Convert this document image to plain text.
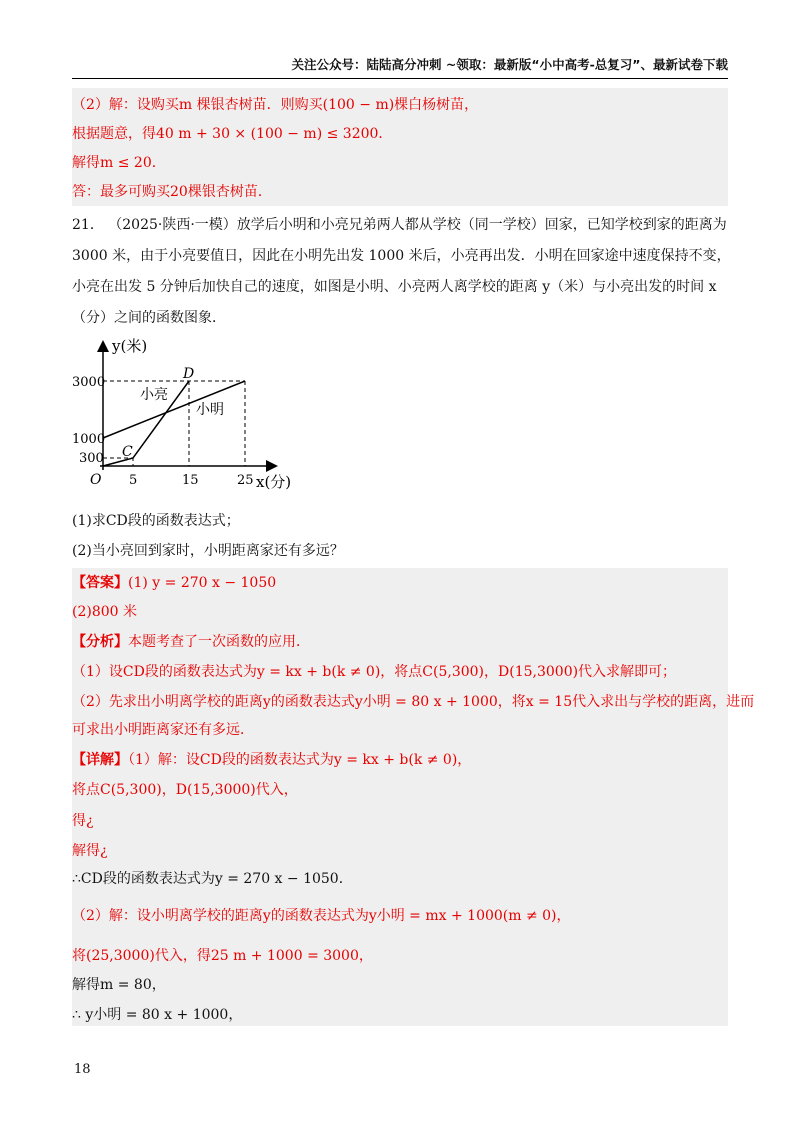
关注公众号：陆陆高分冲刺 ~领取：最新版“小中高考-总复习”、最新试卷下载
（2）解：设购买m 棵银杏树苗．则购买(100 − m)棵白杨树苗，
根据题意，得40 m + 30 × (100 − m) ≤ 3200．
解得m ≤ 20．
答：最多可购买20棵银杏树苗．
21． （2025·陕西·一模）放学后小明和小亮兄弟两人都从学校（同一学校）回家，已知学校到家的距离为
3000 米，由于小亮要值日，因此在小明先出发 1000 米后，小亮再出发．小明在回家途中速度保持不变，
小亮在出发 5 分钟后加快自己的速度，如图是小明、小亮两人离学校的距离 y（米）与小亮出发的时间 x
（分）之间的函数图象．
y(米)
x(分)
3000
1000
300
O 5	15	25
C
D
小亮
小明
(1)求CD段的函数表达式；
(2)当小亮回到家时，小明距离家还有多远？
【答案】(1) y = 270 x − 1050
(2)800 米
【分析】本题考查了一次函数的应用．
（1）设CD段的函数表达式为y = kx + b(k ≠ 0)，将点C(5,300)，D(15,3000)代入求解即可；
（2）先求出小明离学校的距离y的函数表达式y小明 = 80 x + 1000，将x = 15代入求出与学校的距离，进而
可求出小明距离家还有多远．
【详解】（1）解：设CD段的函数表达式为y = kx + b(k ≠ 0)，
将点C(5,300)，D(15,3000)代入，
得¿
解得¿
∴CD段的函数表达式为y = 270 x − 1050．
（2）解：设小明离学校的距离y的函数表达式为y小明 = mx + 1000(m ≠ 0)，
将(25,3000)代入，得25 m + 1000 = 3000，
解得m = 80，
∴ y小明 = 80 x + 1000，
18
